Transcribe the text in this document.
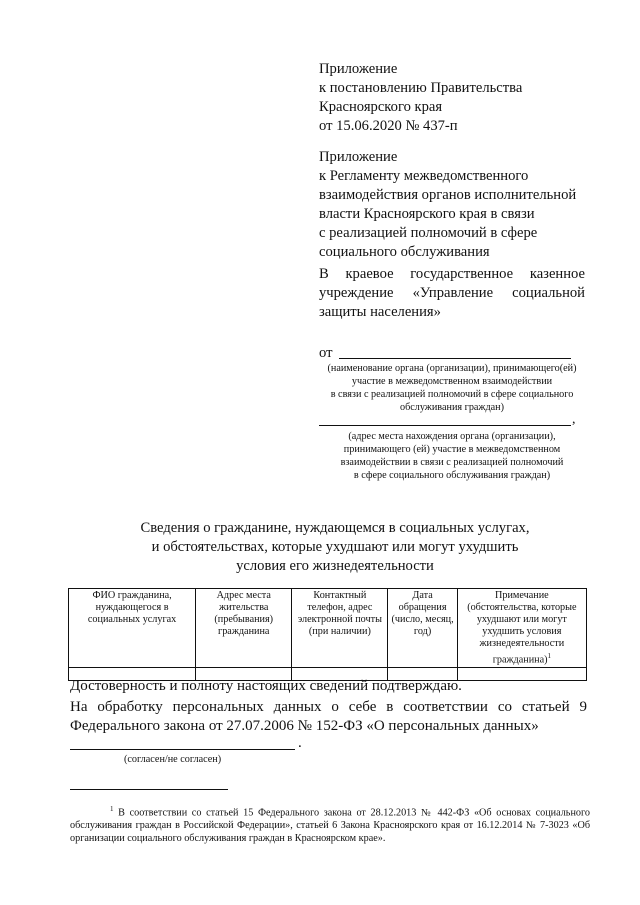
Приложение

к постановлению Правительства

Красноярского края

от 15.06.2020 № 437-п

Приложение

к Регламенту межведомственного

взаимодействия органов исполнительной

власти Красноярского края в связи

с реализацией полномочий в сфере

социального обслуживания

В краевое государственное казенное учреждение «Управление социальной защиты населения»
от
(наименование органа (организации), принимающего(ей)
участие в межведомственном взаимодействии
в связи с реализацией полномочий в сфере социального
обслуживания граждан)
,
(адрес места нахождения органа (организации),
принимающего (ей) участие в межведомственном
взаимодействии в связи с реализацией полномочий
в сфере социального обслуживания граждан)
Сведения о гражданине, нуждающемся в социальных услугах,
и обстоятельствах, которые ухудшают или могут ухудшить
условия его жизнедеятельности
ФИО гражданина, нуждающегося в социальных услугах	Адрес места жительства (пребывания) гражданина	Контактный телефон, адрес электронной почты (при наличии)	Дата обращения (число, месяц, год)	Примечание (обстоятельства, которые ухудшают или могут ухудшить условия жизнедеятельности гражданина)$^1$

Достоверность и полноту настоящих сведений подтверждаю.
На обработку персональных данных о себе в соответствии со статьей 9 Федерального закона от 27.07.2006 № 152-ФЗ «О персональных данных»
.
(согласен/не согласен)
$^1$ В соответствии со статьей 15 Федерального закона от 28.12.2013 № 442-ФЗ «Об основах социального обслуживания граждан в Российской Федерации», статьей 6 Закона Красноярского края от 16.12.2014 № 7-3023 «Об организации социального обслуживания граждан в Красноярском крае».
